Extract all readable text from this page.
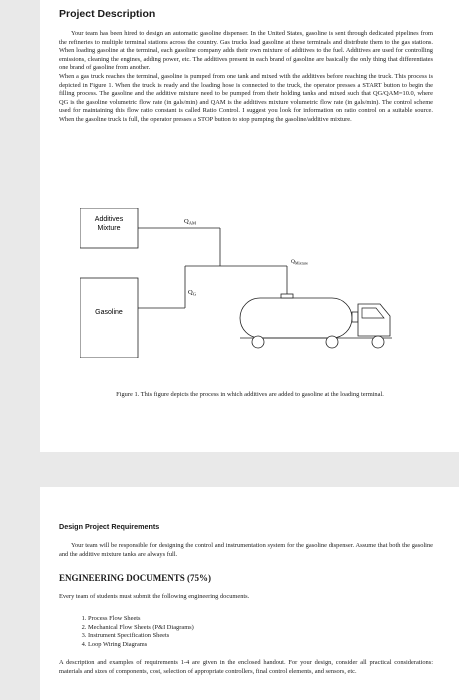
Project Description

Your team has been hired to design an automatic gasoline dispenser. In the United States, gasoline is sent through dedicated pipelines from the refineries to multiple terminal stations across the country. Gas trucks load gasoline at these terminals and distribute them to the gas stations. When loading gasoline at the terminal, each gasoline company adds their own mixture of additives to the fuel. Additives are used for controlling emissions, cleaning the engines, adding power, etc. The additives present in each brand of gasoline are basically the only thing that differentiates one brand of gasoline from another.

When a gas truck reaches the terminal, gasoline is pumped from one tank and mixed with the additives before reaching the truck. This process is depicted in Figure 1. When the truck is ready and the loading hose is connected to the truck, the operator presses a START button to begin the filling process. The gasoline and the additive mixture need to be pumped from their holding tanks and mixed such that QG/QAM=10.0, where QG is the gasoline volumetric flow rate (in gals/min) and QAM is the additives mixture volumetric flow rate (in gals/min). The control scheme used for maintaining this flow ratio constant is called Ratio Control. I suggest you look for information on ratio control on a suitable source. When the gasoline truck is full, the operator presses a STOP button to stop pumping the gasoline/additive mixture.

Additives
Mixture
Gasoline
$Q_{AM}$
$Q_G$
$Q_{Mixture}$
Figure 1. This figure depicts the process in which additives are added to gasoline at the loading terminal.
Design Project Requirements

Your team will be responsible for designing the control and instrumentation system for the gasoline dispenser. Assume that both the gasoline and the additive mixture tanks are always full.

ENGINEERING DOCUMENTS (75%)

Every team of students must submit the following engineering documents.

1. Process Flow Sheets
2. Mechanical Flow Sheets (P&I Diagrams)
3. Instrument Specification Sheets
4. Loop Wiring Diagrams

A description and examples of requirements 1-4 are given in the enclosed handout. For your design, consider all practical considerations: materials and sizes of components, cost, selection of appropriate controllers, final control elements, and sensors, etc.
